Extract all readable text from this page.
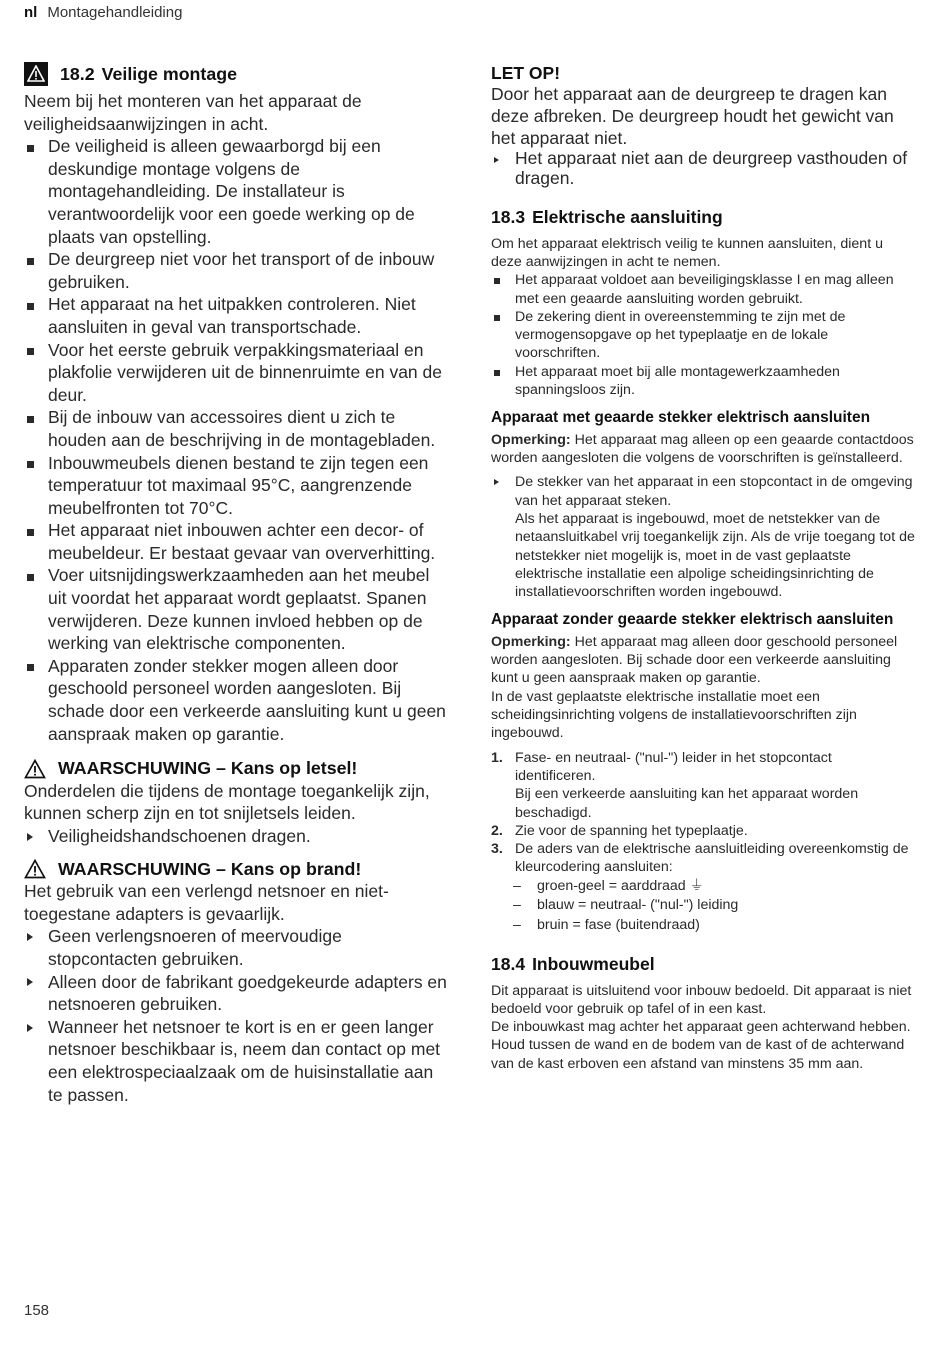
nl Montagehandleiding
18.2 Veilige montage

Neem bij het monteren van het apparaat de veiligheidsaanwijzingen in acht.

De veiligheid is alleen gewaarborgd bij een deskundige montage volgens de montagehandleiding. De installateur is verantwoordelijk voor een goede werking op de plaats van opstelling.
De deurgreep niet voor het transport of de inbouw gebruiken.
Het apparaat na het uitpakken controleren. Niet aansluiten in geval van transportschade.
Voor het eerste gebruik verpakkingsmateriaal en plakfolie verwijderen uit de binnenruimte en van de deur.
Bij de inbouw van accessoires dient u zich te houden aan de beschrijving in de montagebladen.
Inbouwmeubels dienen bestand te zijn tegen een temperatuur tot maximaal 95°C, aangrenzende meubelfronten tot 70°C.
Het apparaat niet inbouwen achter een decor- of meubeldeur. Er bestaat gevaar van oververhitting.
Voer uitsnijdingswerkzaamheden aan het meubel uit voordat het apparaat wordt geplaatst. Spanen verwijderen. Deze kunnen invloed hebben op de werking van elektrische componenten.
Apparaten zonder stekker mogen alleen door geschoold personeel worden aangesloten. Bij schade door een verkeerde aansluiting kunt u geen aanspraak maken op garantie.
WAARSCHUWING – Kans op letsel!

Onderdelen die tijdens de montage toegankelijk zijn, kunnen scherp zijn en tot snijletsels leiden.

Veiligheidshandschoenen dragen.
WAARSCHUWING – Kans op brand!

Het gebruik van een verlengd netsnoer en niet-toegestane adapters is gevaarlijk.

Geen verlengsnoeren of meervoudige stopcontacten gebruiken.
Alleen door de fabrikant goedgekeurde adapters en netsnoeren gebruiken.
Wanneer het netsnoer te kort is en er geen langer netsnoer beschikbaar is, neem dan contact op met een elektrospeciaalzaak om de huisinstallatie aan te passen.
LET OP!

Door het apparaat aan de deurgreep te dragen kan deze afbreken. De deurgreep houdt het gewicht van het apparaat niet.

Het apparaat niet aan de deurgreep vasthouden of dragen.
18.3 Elektrische aansluiting

Om het apparaat elektrisch veilig te kunnen aansluiten, dient u deze aanwijzingen in acht te nemen.

Het apparaat voldoet aan beveiligingsklasse I en mag alleen met een geaarde aansluiting worden gebruikt.
De zekering dient in overeenstemming te zijn met de vermogensopgave op het typeplaatje en de lokale voorschriften.
Het apparaat moet bij alle montagewerkzaamheden spanningsloos zijn.
Apparaat met geaarde stekker elektrisch aansluiten

Opmerking: Het apparaat mag alleen op een geaarde contactdoos worden aangesloten die volgens de voorschriften is geïnstalleerd.

De stekker van het apparaat in een stopcontact in de omgeving van het apparaat steken.
Als het apparaat is ingebouwd, moet de netstekker van de netaansluitkabel vrij toegankelijk zijn. Als de vrije toegang tot de netstekker niet mogelijk is, moet in de vast geplaatste elektrische installatie een alpolige scheidingsinrichting de installatievoorschriften worden ingebouwd.
Apparaat zonder geaarde stekker elektrisch aansluiten

Opmerking: Het apparaat mag alleen door geschoold personeel worden aangesloten. Bij schade door een verkeerde aansluiting kunt u geen aanspraak maken op garantie.

In de vast geplaatste elektrische installatie moet een scheidingsinrichting volgens de installatievoorschriften zijn ingebouwd.

1. Fase- en neutraal- ("nul-") leider in het stopcontact identificeren.
Bij een verkeerde aansluiting kan het apparaat worden beschadigd.
2. Zie voor de spanning het typeplaatje.
3. De aders van de elektrische aansluitleiding overeenkomstig de kleurcodering aansluiten:
– groen-geel = aarddraad ⏚
– blauw = neutraal- ("nul-") leiding
– bruin = fase (buitendraad)
18.4 Inbouwmeubel

Dit apparaat is uitsluitend voor inbouw bedoeld. Dit apparaat is niet bedoeld voor gebruik op tafel of in een kast.

De inbouwkast mag achter het apparaat geen achterwand hebben. Houd tussen de wand en de bodem van de kast of de achterwand van de kast erboven een afstand van minstens 35 mm aan.

158
